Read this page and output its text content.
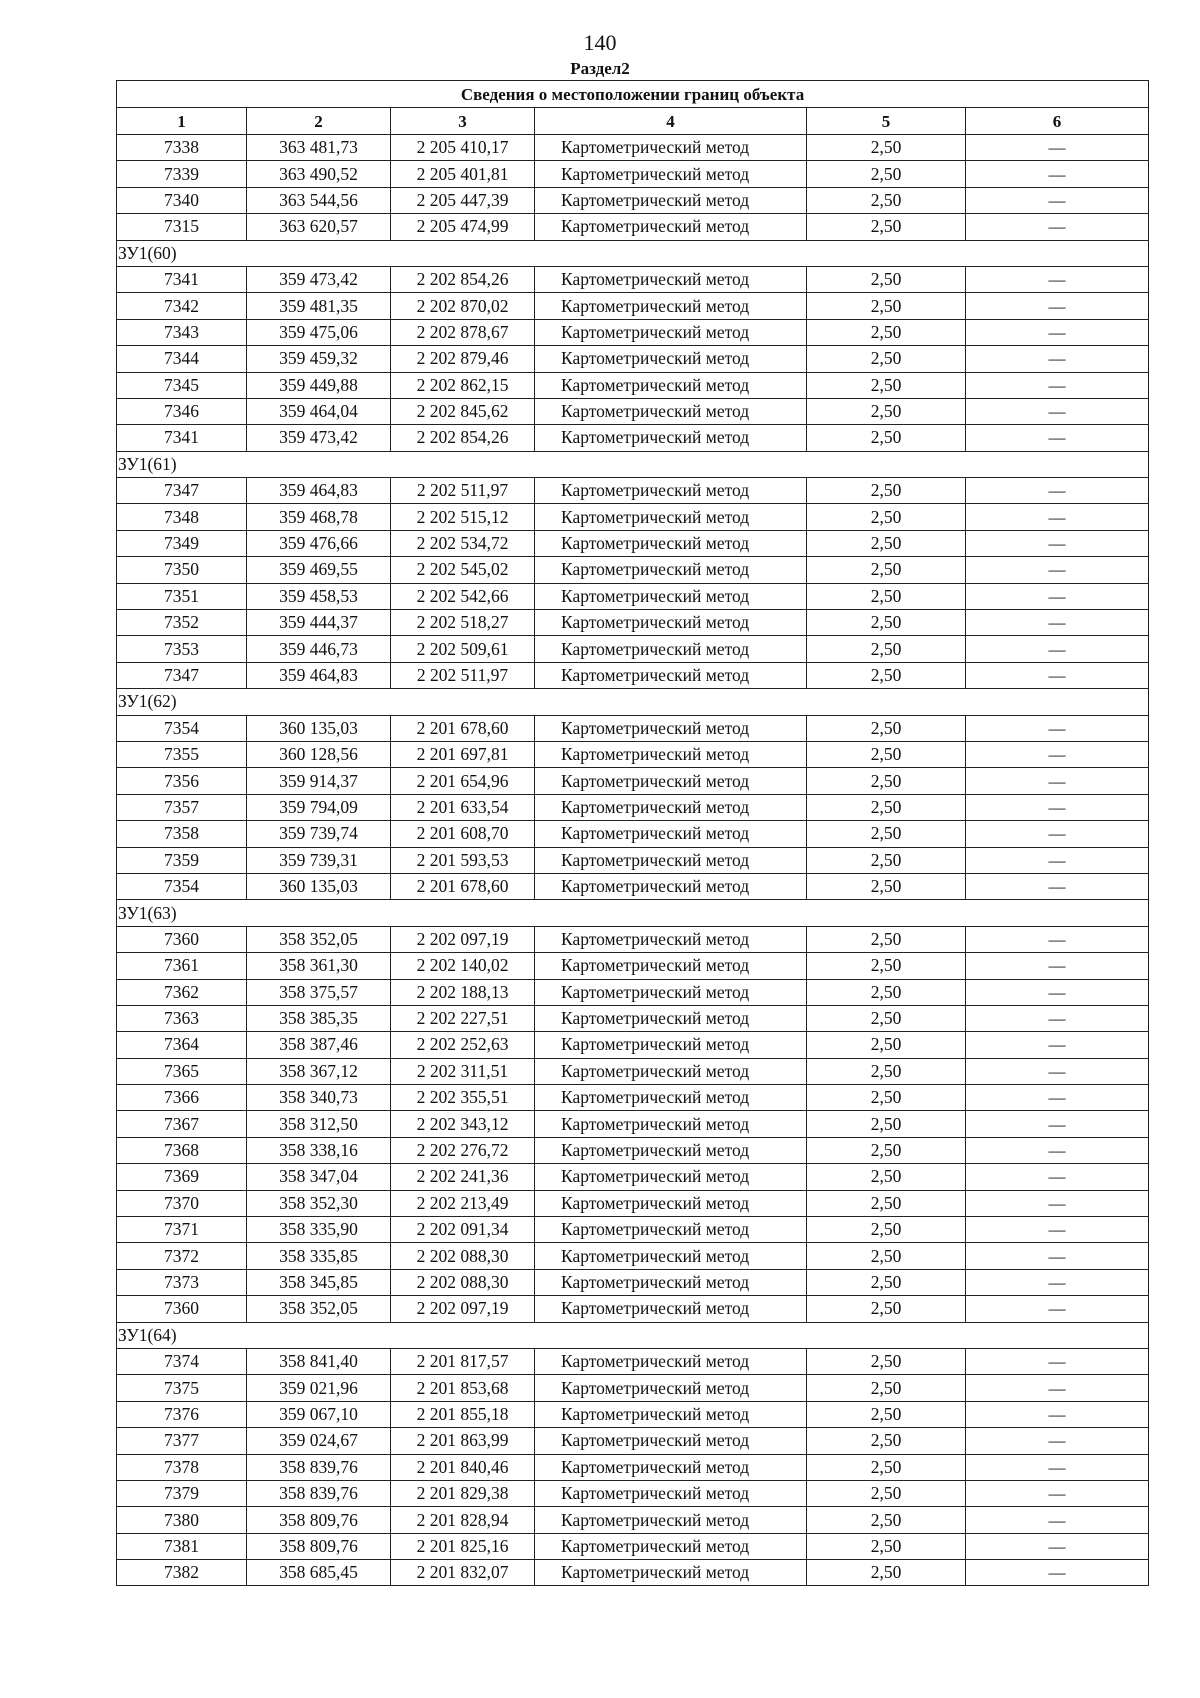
140
Раздел2
Сведения о местоположении границ объекта					
1	2	3	4	5	6
7338	363 481,73	2 205 410,17	Картометрический метод	2,50	—
7339	363 490,52	2 205 401,81	Картометрический метод	2,50	—
7340	363 544,56	2 205 447,39	Картометрический метод	2,50	—
7315	363 620,57	2 205 474,99	Картометрический метод	2,50	—
ЗУ1(60)					
7341	359 473,42	2 202 854,26	Картометрический метод	2,50	—
7342	359 481,35	2 202 870,02	Картометрический метод	2,50	—
7343	359 475,06	2 202 878,67	Картометрический метод	2,50	—
7344	359 459,32	2 202 879,46	Картометрический метод	2,50	—
7345	359 449,88	2 202 862,15	Картометрический метод	2,50	—
7346	359 464,04	2 202 845,62	Картометрический метод	2,50	—
7341	359 473,42	2 202 854,26	Картометрический метод	2,50	—
ЗУ1(61)					
7347	359 464,83	2 202 511,97	Картометрический метод	2,50	—
7348	359 468,78	2 202 515,12	Картометрический метод	2,50	—
7349	359 476,66	2 202 534,72	Картометрический метод	2,50	—
7350	359 469,55	2 202 545,02	Картометрический метод	2,50	—
7351	359 458,53	2 202 542,66	Картометрический метод	2,50	—
7352	359 444,37	2 202 518,27	Картометрический метод	2,50	—
7353	359 446,73	2 202 509,61	Картометрический метод	2,50	—
7347	359 464,83	2 202 511,97	Картометрический метод	2,50	—
ЗУ1(62)					
7354	360 135,03	2 201 678,60	Картометрический метод	2,50	—
7355	360 128,56	2 201 697,81	Картометрический метод	2,50	—
7356	359 914,37	2 201 654,96	Картометрический метод	2,50	—
7357	359 794,09	2 201 633,54	Картометрический метод	2,50	—
7358	359 739,74	2 201 608,70	Картометрический метод	2,50	—
7359	359 739,31	2 201 593,53	Картометрический метод	2,50	—
7354	360 135,03	2 201 678,60	Картометрический метод	2,50	—
ЗУ1(63)					
7360	358 352,05	2 202 097,19	Картометрический метод	2,50	—
7361	358 361,30	2 202 140,02	Картометрический метод	2,50	—
7362	358 375,57	2 202 188,13	Картометрический метод	2,50	—
7363	358 385,35	2 202 227,51	Картометрический метод	2,50	—
7364	358 387,46	2 202 252,63	Картометрический метод	2,50	—
7365	358 367,12	2 202 311,51	Картометрический метод	2,50	—
7366	358 340,73	2 202 355,51	Картометрический метод	2,50	—
7367	358 312,50	2 202 343,12	Картометрический метод	2,50	—
7368	358 338,16	2 202 276,72	Картометрический метод	2,50	—
7369	358 347,04	2 202 241,36	Картометрический метод	2,50	—
7370	358 352,30	2 202 213,49	Картометрический метод	2,50	—
7371	358 335,90	2 202 091,34	Картометрический метод	2,50	—
7372	358 335,85	2 202 088,30	Картометрический метод	2,50	—
7373	358 345,85	2 202 088,30	Картометрический метод	2,50	—
7360	358 352,05	2 202 097,19	Картометрический метод	2,50	—
ЗУ1(64)					
7374	358 841,40	2 201 817,57	Картометрический метод	2,50	—
7375	359 021,96	2 201 853,68	Картометрический метод	2,50	—
7376	359 067,10	2 201 855,18	Картометрический метод	2,50	—
7377	359 024,67	2 201 863,99	Картометрический метод	2,50	—
7378	358 839,76	2 201 840,46	Картометрический метод	2,50	—
7379	358 839,76	2 201 829,38	Картометрический метод	2,50	—
7380	358 809,76	2 201 828,94	Картометрический метод	2,50	—
7381	358 809,76	2 201 825,16	Картометрический метод	2,50	—
7382	358 685,45	2 201 832,07	Картометрический метод	2,50	—
